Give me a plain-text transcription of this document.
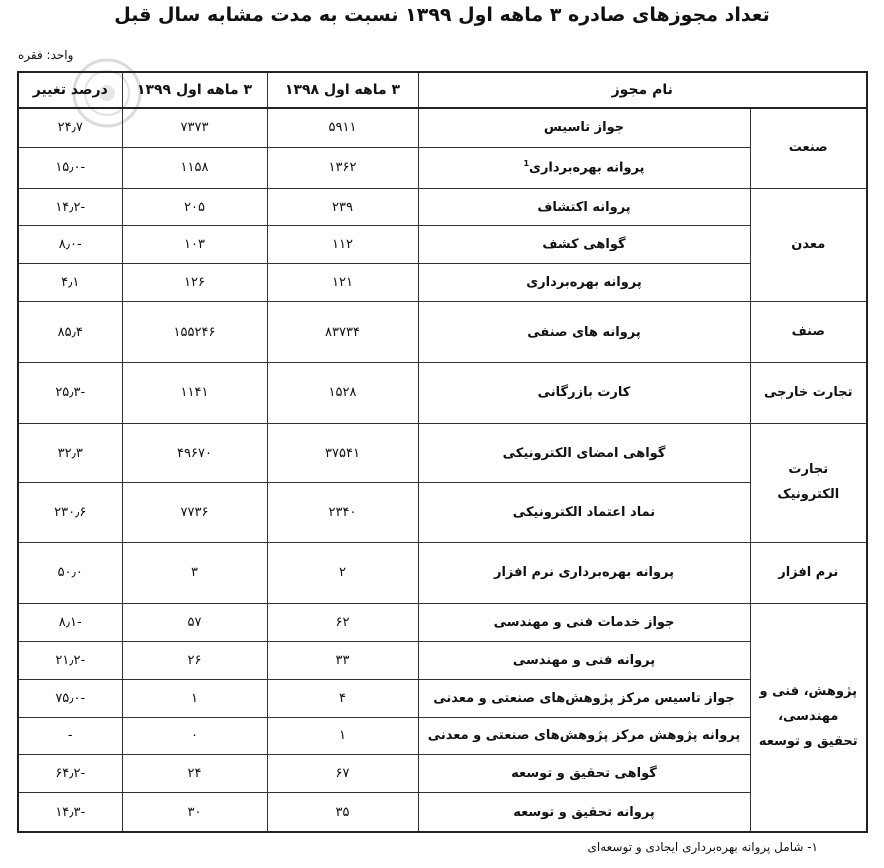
تعداد مجوزهای صادره ۳ ماهه اول ۱۳۹۹ نسبت به مدت مشابه سال قبل
واحد: فقره
نام مجوز		۳ ماهه اول ۱۳۹۸	۳ ماهه اول ۱۳۹۹	درصد تغییر
صنعت	جواز تاسیس	۵۹۱۱	۷۳۷۳	۲۴٫۷
	پروانه بهره‌برداری$^1$	۱۳۶۲	۱۱۵۸	-۱۵٫۰
معدن	پروانه اکتشاف	۲۳۹	۲۰۵	-۱۴٫۲
	گواهی کشف	۱۱۲	۱۰۳	-۸٫۰
	پروانه بهره‌برداری	۱۲۱	۱۲۶	۴٫۱
صنف	پروانه های صنفی	۸۳۷۳۴	۱۵۵۲۴۶	۸۵٫۴
تجارت خارجی	کارت بازرگانی	۱۵۲۸	۱۱۴۱	-۲۵٫۳
تجارت
الکترونیک	گواهی امضای الکترونیکی	۳۷۵۴۱	۴۹۶۷۰	۳۲٫۳
	نماد اعتماد الکترونیکی	۲۳۴۰	۷۷۳۶	۲۳۰٫۶
نرم افزار	پروانه بهره‌برداری نرم افزار	۲	۳	۵۰٫۰
پژوهش، فنی و
مهندسی،
تحقیق و توسعه	جواز خدمات فنی و مهندسی	۶۲	۵۷	-۸٫۱
	پروانه فنی و مهندسی	۳۳	۲۶	-۲۱٫۲
	جواز تاسیس مرکز پژوهش‌های صنعتی و معدنی	۴	۱	-۷۵٫۰
	پروانه پژوهش مرکز پژوهش‌های صنعتی و معدنی	۱	۰	-
	گواهی تحقیق و توسعه	۶۷	۲۴	-۶۴٫۲
	پروانه تحقیق و توسعه	۳۵	۳۰	-۱۴٫۳
۱- شامل پروانه بهره‌برداری ایجادی و توسعه‌ای
